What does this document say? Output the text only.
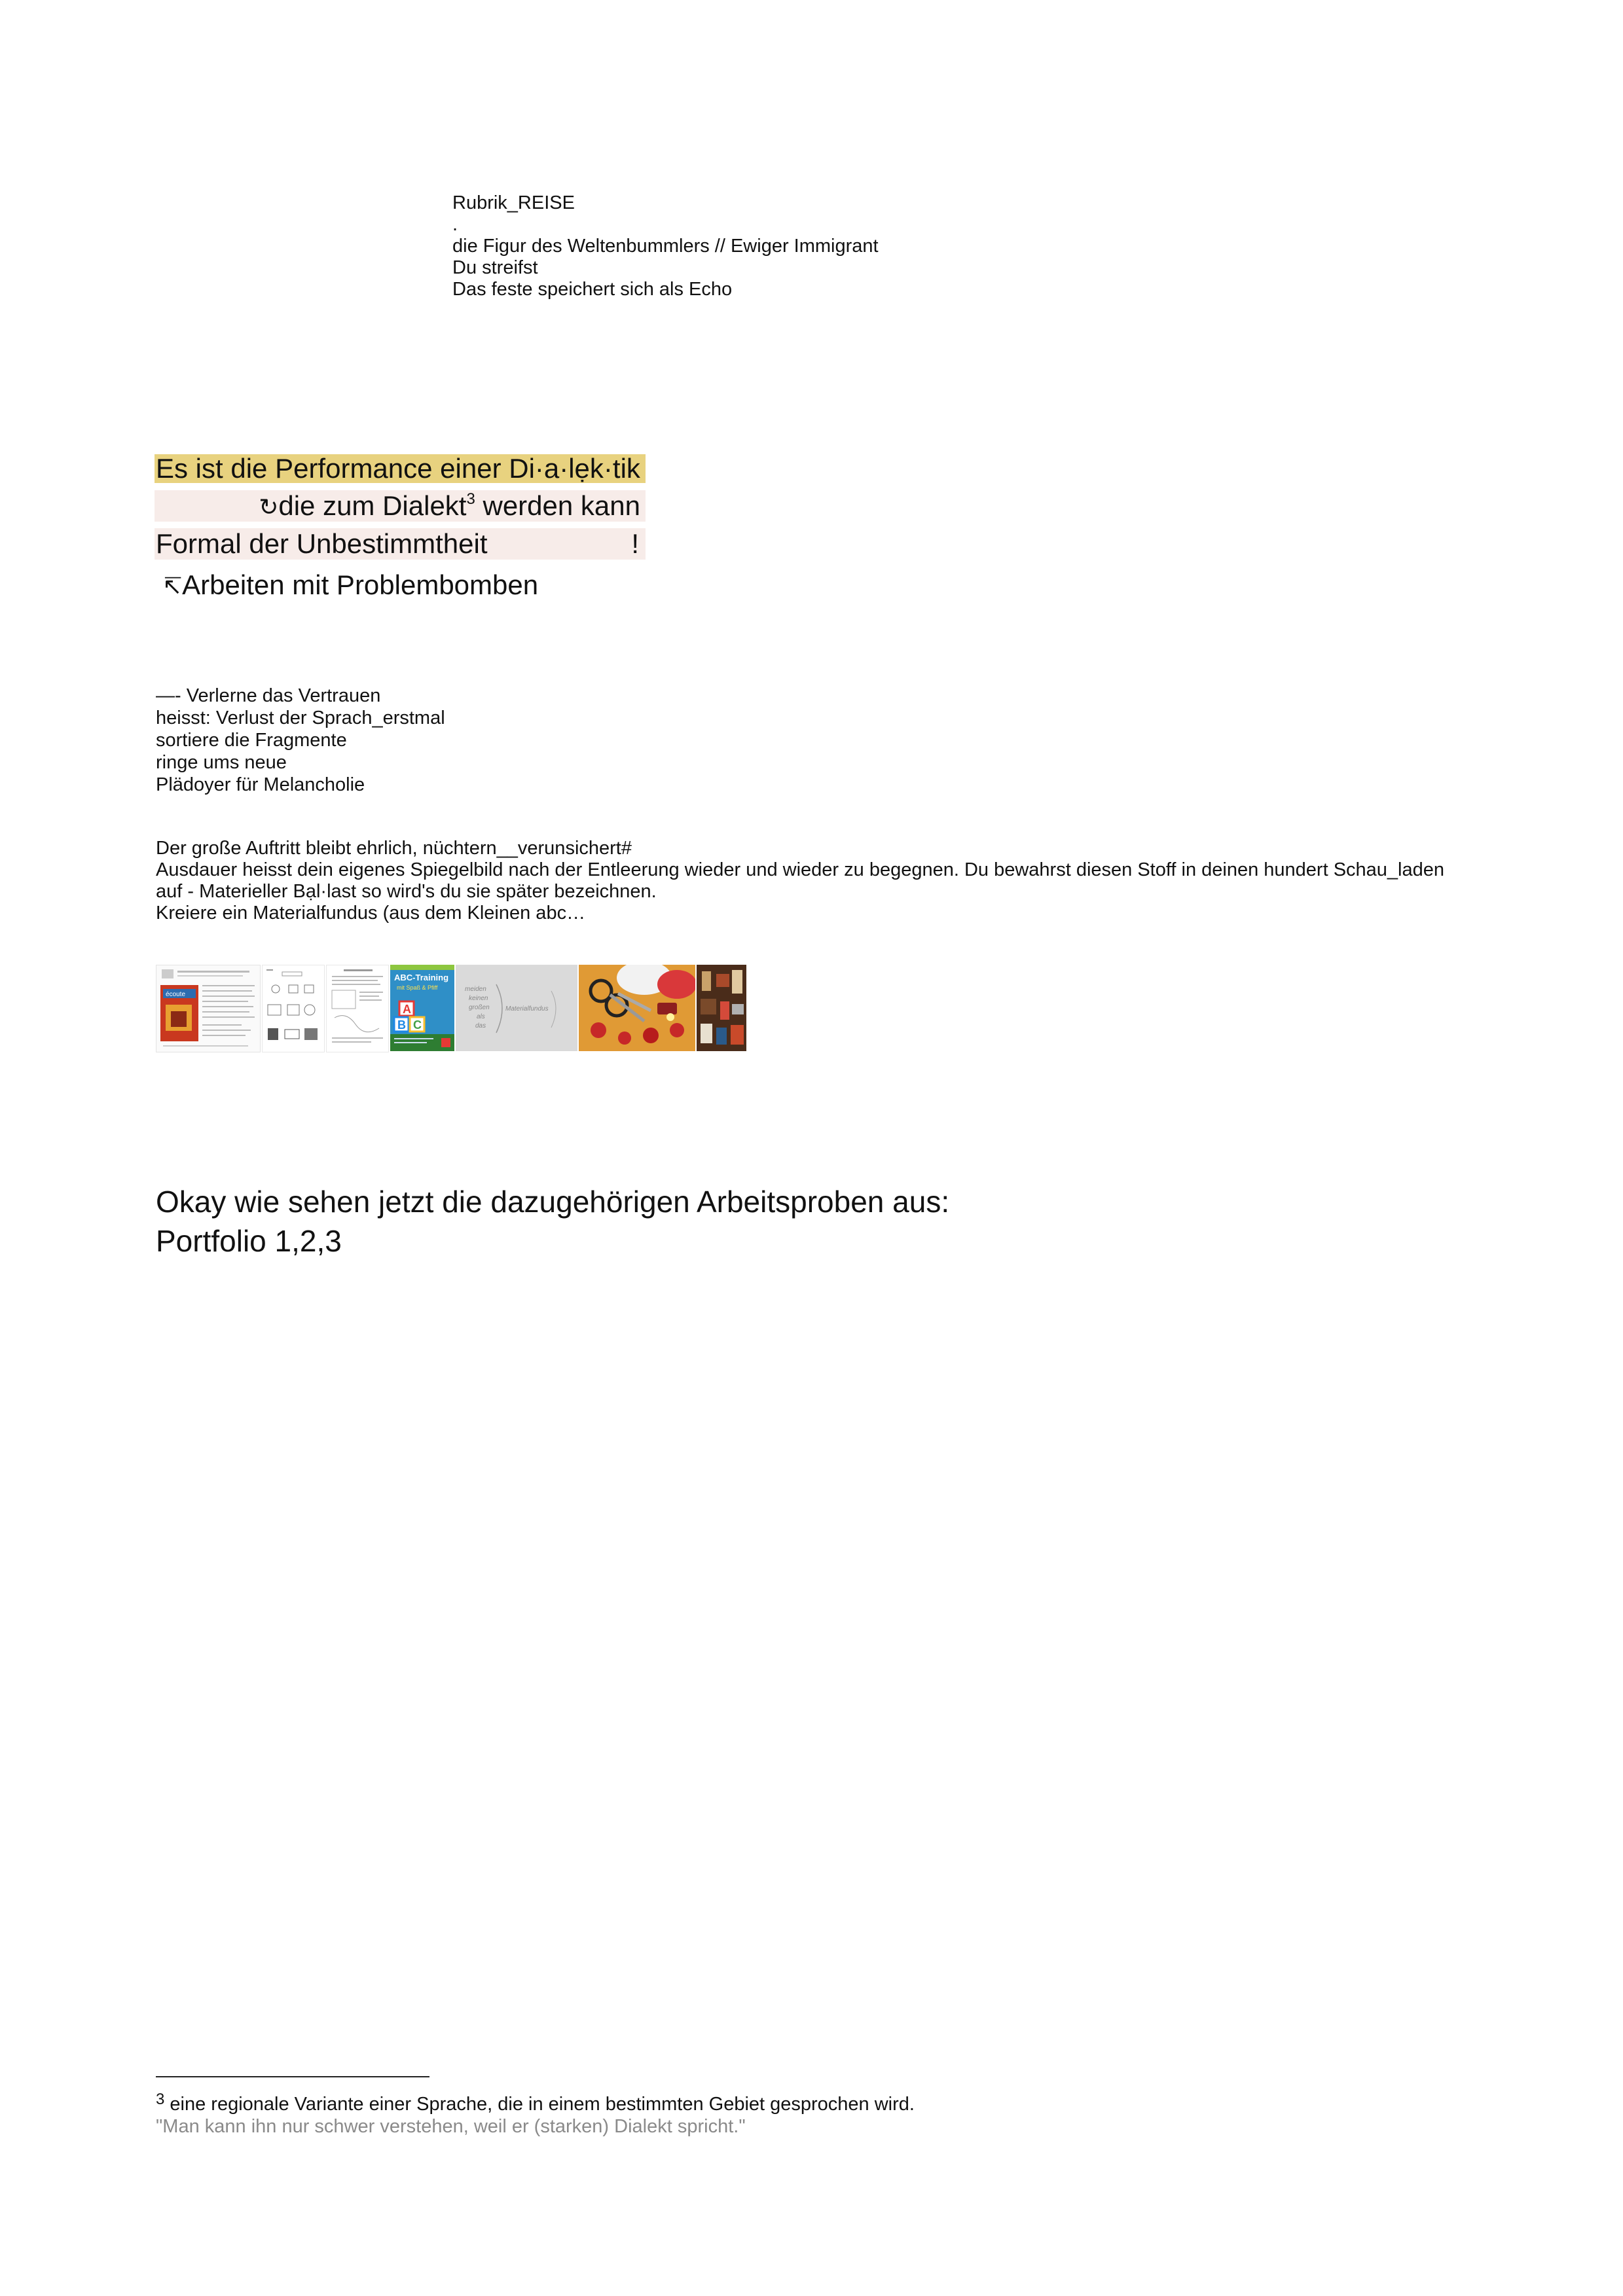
Rubrik_REISE
.
die Figur des Weltenbummlers // Ewiger Immigrant
Du streifst
Das feste speichert sich als Echo
Es ist die Performance einer Di·a·lẹk·tik
↻die zum Dialekt$^3$ werden kann
Formal der Unbestimmtheit	!
↸Arbeiten mit Problembomben
—- Verlerne das Vertrauen
heisst: Verlust der Sprach_erstmal
sortiere die Fragmente
ringe ums neue
Plädoyer für Melancholie
Der große Auftritt bleibt ehrlich, nüchtern__verunsichert#
Ausdauer heisst dein eigenes Spiegelbild nach der Entleerung wieder und wieder zu begegnen. Du bewahrst diesen Stoff in deinen hundert Schau_laden
auf - Materieller Bạl·last so wird's du sie später bezeichnen.
Kreiere ein Materialfundus (aus dem Kleinen abc…
écoute
ABC-Training
mit Spaß & Pfiff
A
B C
meiden
keinen
großen
als
das
Materialfundus
Okay wie sehen jetzt die dazugehörigen Arbeitsproben aus:
Portfolio 1,2,3
$^3$ eine regionale Variante einer Sprache, die in einem bestimmten Gebiet gesprochen wird.
"Man kann ihn nur schwer verstehen, weil er (starken) Dialekt spricht."
